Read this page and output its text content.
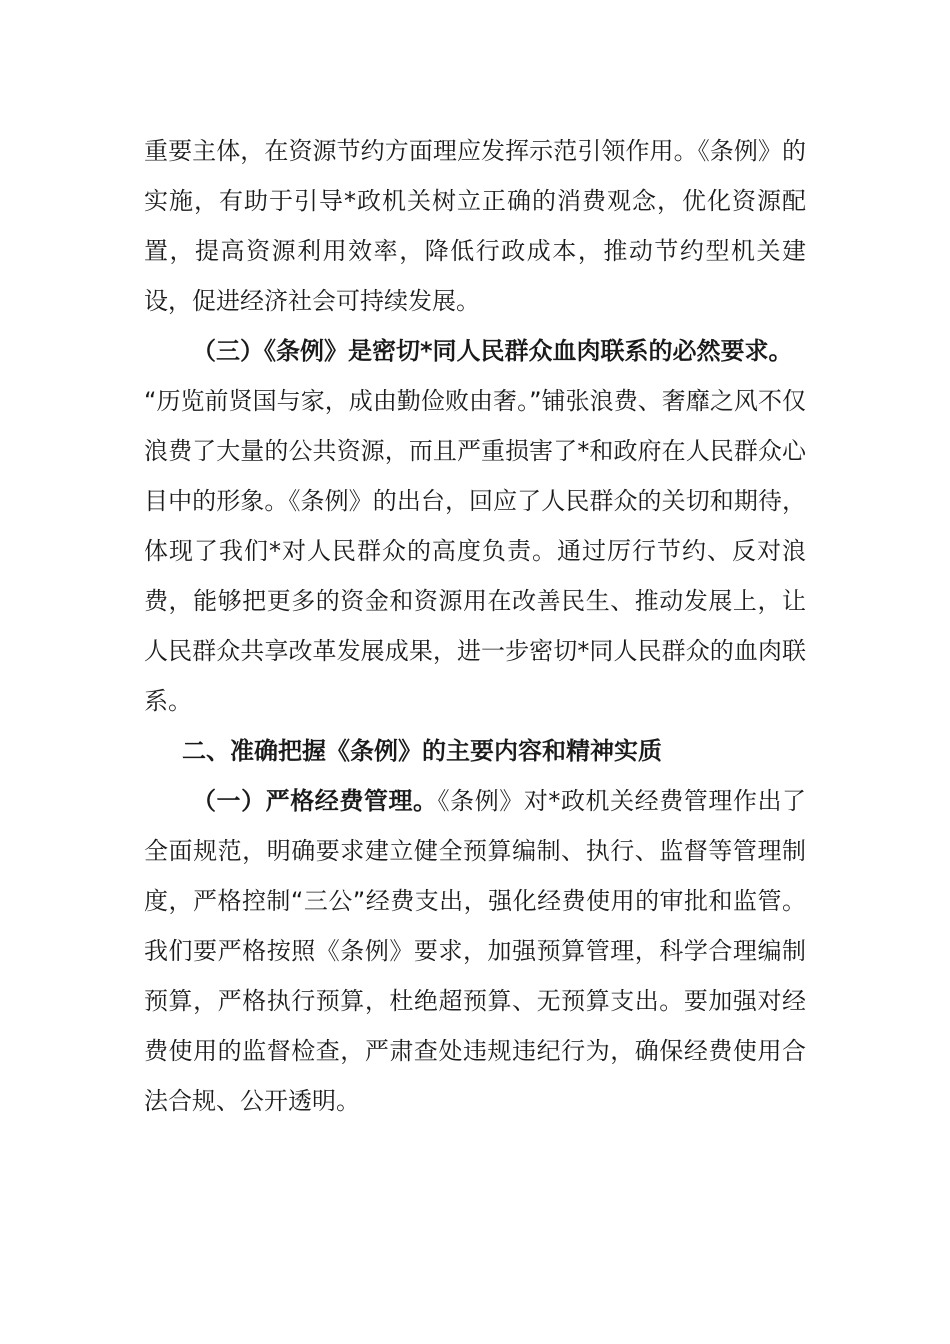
重要主体，在资源节约方面理应发挥示范引领作用。《条例》的实施，有助于引导*政机关树立正确的消费观念，优化资源配置，提高资源利用效率，降低行政成本，推动节约型机关建设，促进经济社会可持续发展。

（三）《条例》是密切*同人民群众血肉联系的必然要求。

“历览前贤国与家，成由勤俭败由奢。”铺张浪费、奢靡之风不仅浪费了大量的公共资源，而且严重损害了*和政府在人民群众心目中的形象。《条例》的出台，回应了人民群众的关切和期待，体现了我们*对人民群众的高度负责。通过厉行节约、反对浪费，能够把更多的资金和资源用在改善民生、推动发展上，让人民群众共享改革发展成果，进一步密切*同人民群众的血肉联系。

二、准确把握《条例》的主要内容和精神实质

（一）严格经费管理。《条例》对*政机关经费管理作出了全面规范，明确要求建立健全预算编制、执行、监督等管理制度，严格控制“三公”经费支出，强化经费使用的审批和监管。我们要严格按照《条例》要求，加强预算管理，科学合理编制预算，严格执行预算，杜绝超预算、无预算支出。要加强对经费使用的监督检查，严肃查处违规违纪行为，确保经费使用合法合规、公开透明。
